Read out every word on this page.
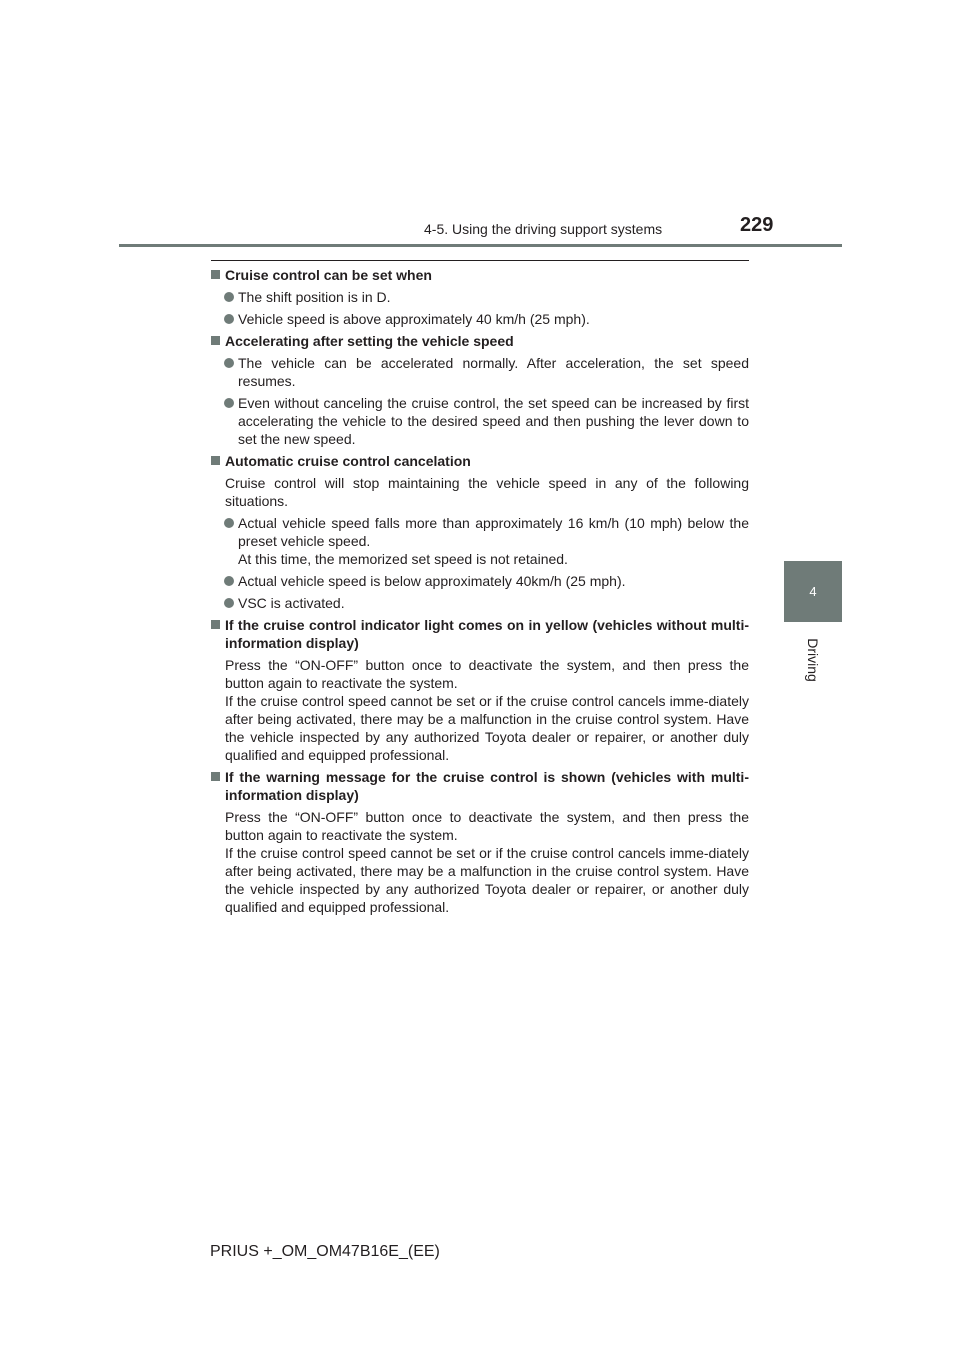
4-5. Using the driving support systems	229
4
Driving
Cruise control can be set when
The shift position is in D.
Vehicle speed is above approximately 40 km/h (25 mph).
Accelerating after setting the vehicle speed
The vehicle can be accelerated normally. After acceleration, the set speed resumes.
Even without canceling the cruise control, the set speed can be increased by first accelerating the vehicle to the desired speed and then pushing the lever down to set the new speed.
Automatic cruise control cancelation
Cruise control will stop maintaining the vehicle speed in any of the following situations.
Actual vehicle speed falls more than approximately 16 km/h (10 mph) below the preset vehicle speed.
At this time, the memorized set speed is not retained.
Actual vehicle speed is below approximately 40km/h (25 mph).
VSC is activated.
If the cruise control indicator light comes on in yellow (vehicles without multi-information display)
Press the “ON-OFF” button once to deactivate the system, and then press the button again to reactivate the system.
If the cruise control speed cannot be set or if the cruise control cancels imme-diately after being activated, there may be a malfunction in the cruise control system. Have the vehicle inspected by any authorized Toyota dealer or repairer, or another duly qualified and equipped professional.
If the warning message for the cruise control is shown (vehicles with multi-information display)
Press the “ON-OFF” button once to deactivate the system, and then press the button again to reactivate the system.
If the cruise control speed cannot be set or if the cruise control cancels imme-diately after being activated, there may be a malfunction in the cruise control system. Have the vehicle inspected by any authorized Toyota dealer or repairer, or another duly qualified and equipped professional.
PRIUS +_OM_OM47B16E_(EE)
